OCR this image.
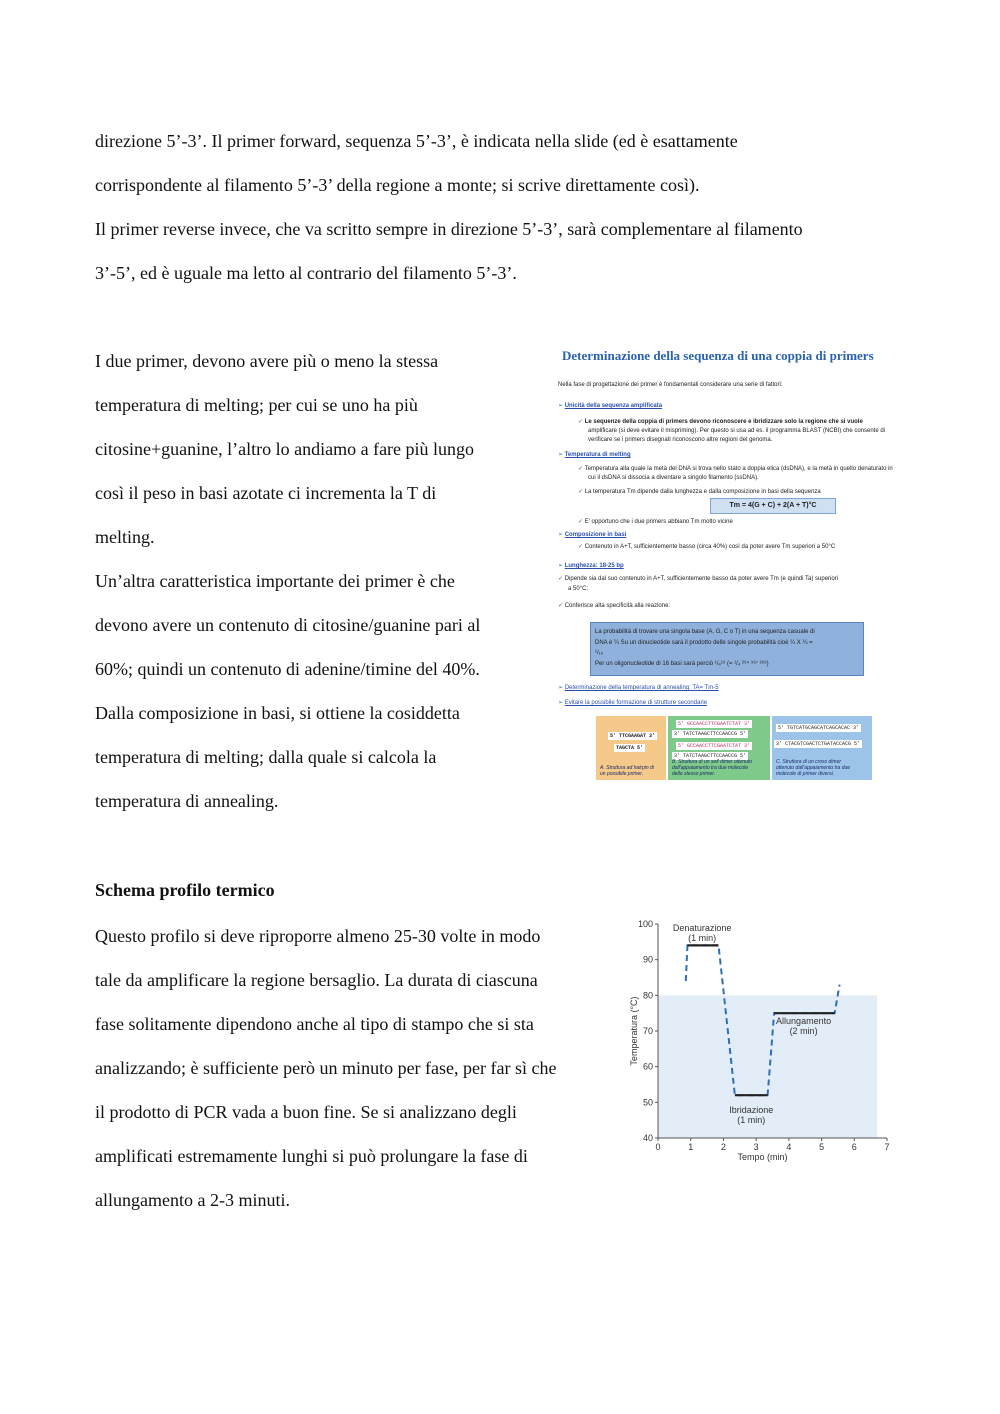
direzione 5’-3’. Il primer forward, sequenza 5’-3’, è indicata nella slide (ed è esattamente
corrispondente al filamento 5’-3’ della regione a monte; si scrive direttamente così).
Il primer reverse invece, che va scritto sempre in direzione 5’-3’, sarà complementare al filamento
3’-5’, ed è uguale ma letto al contrario del filamento 5’-3’.
I due primer, devono avere più o meno la stessa
temperatura di melting; per cui se uno ha più
citosine+guanine, l’altro lo andiamo a fare più lungo
così il peso in basi azotate ci incrementa la T di
melting.
Un’altra caratteristica importante dei primer è che
devono avere un contenuto di citosine/guanine pari al
60%; quindi un contenuto di adenine/timine del 40%.
Dalla composizione in basi, si ottiene la cosiddetta
temperatura di melting; dalla quale si calcola la
temperatura di annealing.
Determinazione della sequenza di una coppia di primers
Nella fase di progettazione dei primer è fondamentali considerare una serie di fattori:
➢ Unicità della sequenza amplificata
✓ Le sequenze della coppia di primers devono riconoscere e ibridizzare solo la regione che si vuole
amplificare (si deve evitare il mispriming). Per questo si usa ad es. il programma BLAST (NCBI) che consente di
verificare se i primers disegnati riconoscono altre regioni del genoma.
➢ Temperatura di melting
✓ Temperatura alla quale la metà del DNA si trova nello stato a doppia elica (dsDNA), e la metà in quello denaturato in
cui il dsDNA si dissocia a diventare a singolo filamento (ssDNA).
✓ La temperatura Tm dipende dalla lunghezza e dalla composizione in basi della sequenza
Tm = 4(G + C) + 2(A + T)°C
✓ E' opportuno che i due primers abbiano Tm molto vicine
➢ Composizione in basi
✓ Contenuto in A+T, sufficientemente basso (circa 40%) così da poter avere Tm superiori a 50°C
➢ Lunghezza: 18-25 bp
✓ Dipende sia dal suo contenuto in A+T, sufficientemente basso da poter avere Tm (e quindi Ta) superiori
a 50°C;
✓ Conferisce alta specificità alla reazione:
La probabilità di trovare una singola base (A, G, C o T) in una sequenza casuale di
DNA è ¼ Su un dinucleotide sarà il prodotto delle singole probabilità cioè ¼ X ¼ =
¹/₁₆
Per un oligonucleotide di 16 basi sarà perciò ¹/₄¹⁶ (= ¹/₄ ²⁹⁴ ⁹⁶⁷ ²⁹⁶)
➢ Determinazione della temperatura di annealing: TA= Tm-5
➢ Evitare la possibile formazione di strutture secondarie
5' TTCGAAGAT 3'
TAGCTA 5'
A. Struttura ad hairpin di un possibile primer.
5' GCCAACCTTCGAATCTAT 3'
3' TATCTAAGCTTCCAACCG 5'
5' GCCAACCTTCGAATCTAT 3'
3' TATCTAAGCTTCCAACCG 5'
B. Struttura di un self dimer ottenuto dall'appaiamento tra due molecole dello stesso primer.
5' TGTCATGCAGCATCAGCACAC 3'
3' CTACGTCGACTCTGATACCACG 5'
C. Struttura di un cross dimer ottenuto dall'appaiamento tra due molecole di primer diversi.
Schema profilo termico
Questo profilo si deve riproporre almeno 25-30 volte in modo
tale da amplificare la regione bersaglio. La durata di ciascuna
fase solitamente dipendono anche al tipo di stampo che si sta
analizzando; è sufficiente però un minuto per fase, per far sì che
il prodotto di PCR vada a buon fine. Se si analizzano degli
amplificati estremamente lunghi si può prolungare la fase di
allungamento a 2-3 minuti.
40
50
60
70
80
90
100
0	1	2	3	4	5	6	7
Tempo (min)
Temperatura (°C)
Denaturazione
(1 min)
Ibridazione
(1 min)
Allungamento
(2 min)
